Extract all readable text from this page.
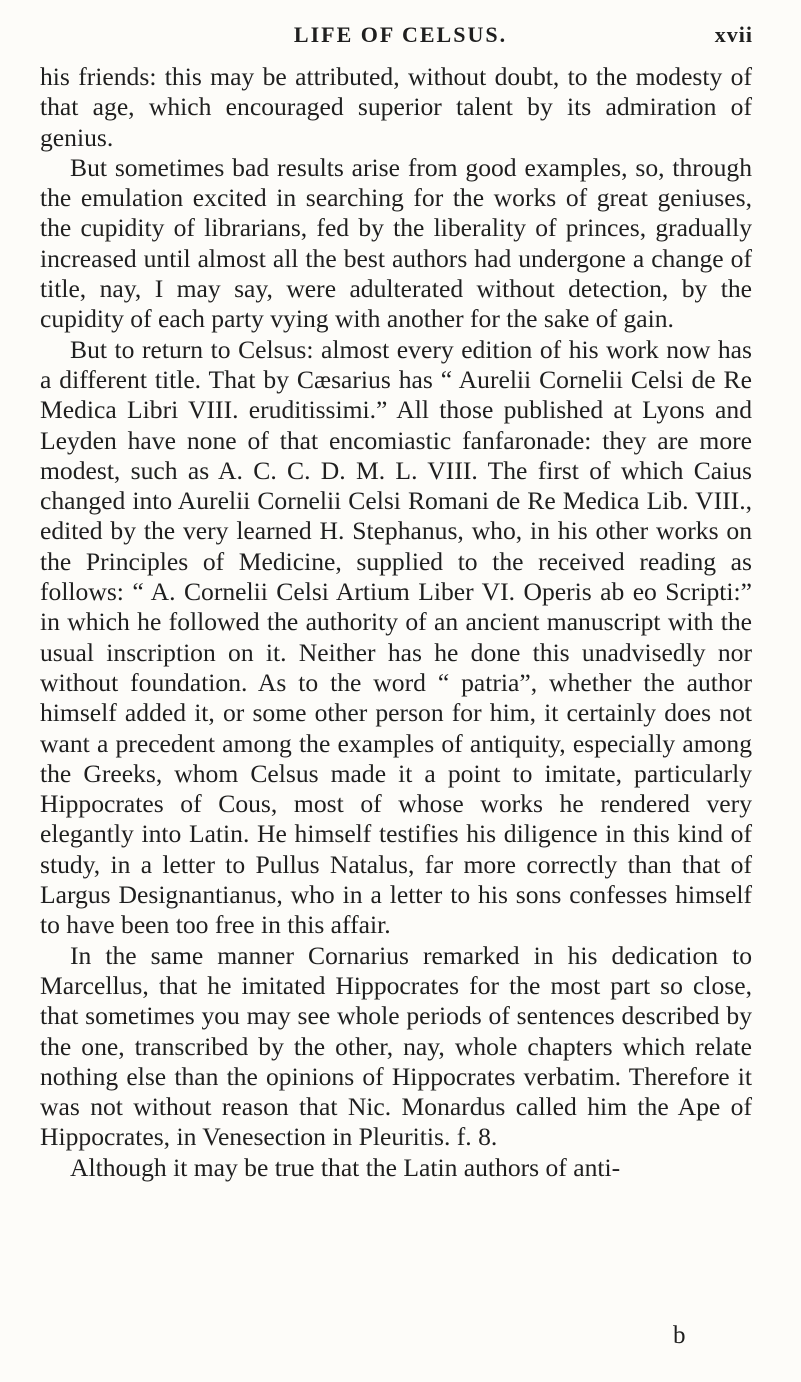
LIFE OF CELSUS.	xvii

his friends: this may be attributed, without doubt, to the modesty of that age, which encouraged superior talent by its admiration of genius.

But sometimes bad results arise from good examples, so, through the emulation excited in searching for the works of great geniuses, the cupidity of librarians, fed by the liberality of princes, gradually increased until almost all the best authors had undergone a change of title, nay, I may say, were adulterated without detection, by the cupidity of each party vying with another for the sake of gain.

But to return to Celsus: almost every edition of his work now has a different title. That by Cæsarius has “ Aurelii Cornelii Celsi de Re Medica Libri VIII. eruditissimi.” All those published at Lyons and Leyden have none of that encomiastic fanfaronade: they are more modest, such as A. C. C. D. M. L. VIII. The first of which Caius changed into Aurelii Cornelii Celsi Romani de Re Medica Lib. VIII., edited by the very learned H. Stephanus, who, in his other works on the Principles of Medicine, supplied to the received reading as follows: “ A. Cornelii Celsi Artium Liber VI. Operis ab eo Scripti:” in which he followed the authority of an ancient manuscript with the usual inscription on it. Neither has he done this unadvisedly nor without foundation. As to the word “ patria”, whether the author himself added it, or some other person for him, it certainly does not want a precedent among the examples of antiquity, especially among the Greeks, whom Celsus made it a point to imitate, particularly Hippocrates of Cous, most of whose works he rendered very elegantly into Latin. He himself testifies his diligence in this kind of study, in a letter to Pullus Natalus, far more correctly than that of Largus Designantianus, who in a letter to his sons confesses himself to have been too free in this affair.

In the same manner Cornarius remarked in his dedication to Marcellus, that he imitated Hippocrates for the most part so close, that sometimes you may see whole periods of sentences described by the one, transcribed by the other, nay, whole chapters which relate nothing else than the opinions of Hippocrates verbatim. Therefore it was not without reason that Nic. Monardus called him the Ape of Hippocrates, in Venesection in Pleuritis. f. 8.

Although it may be true that the Latin authors of anti-

b
